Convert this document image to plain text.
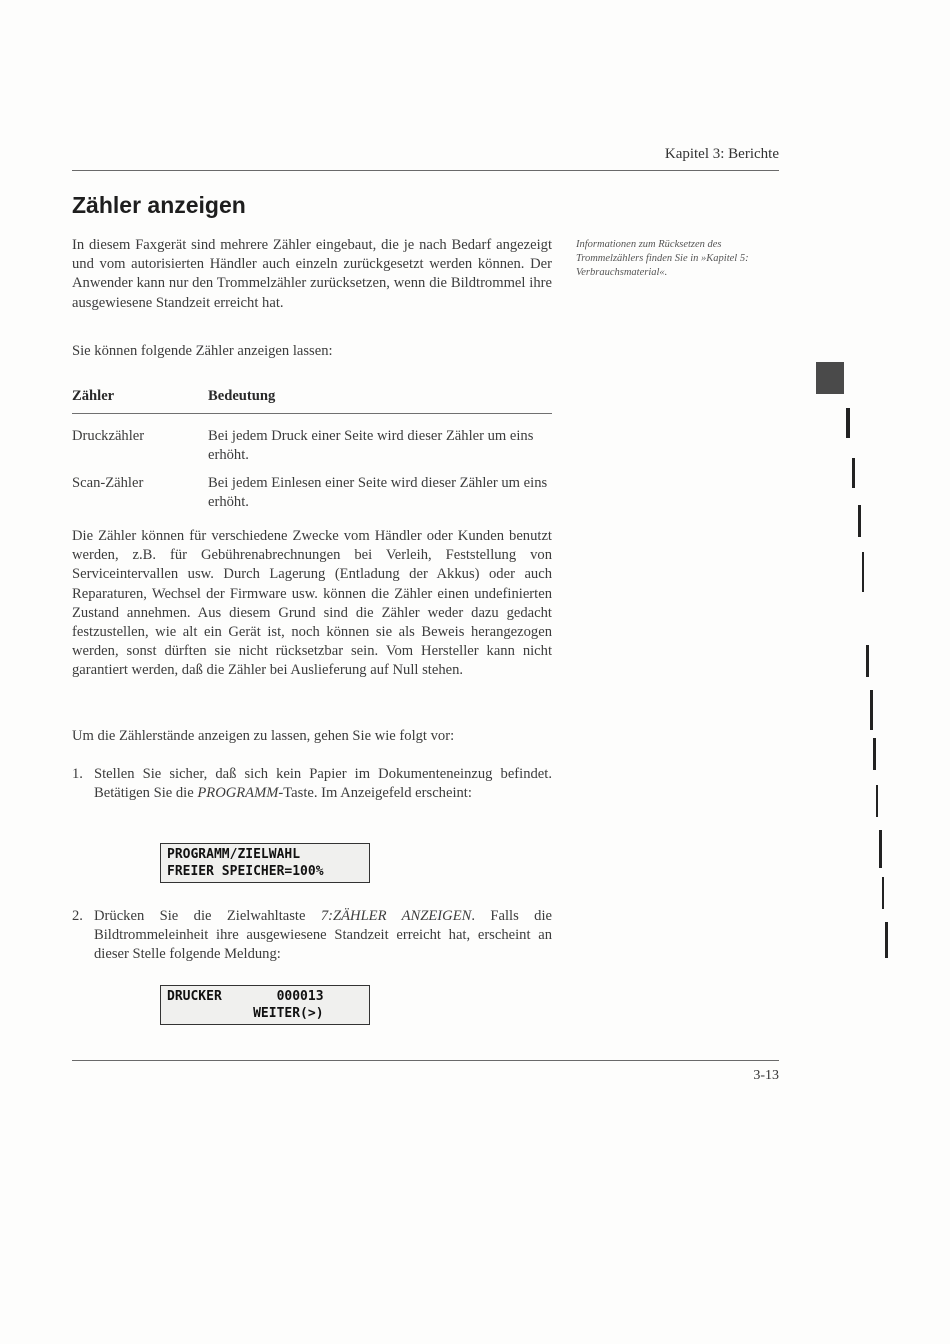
Kapitel 3: Berichte
Zähler anzeigen

In diesem Faxgerät sind mehrere Zähler eingebaut, die je nach Bedarf angezeigt und vom autorisierten Händler auch einzeln zurückgesetzt werden können. Der Anwender kann nur den Trommelzähler zurücksetzen, wenn die Bildtrommel ihre ausgewiesene Standzeit erreicht hat.

Informationen zum Rücksetzen des Trommelzählers finden Sie in »Kapitel 5: Verbrauchsmaterial«.

Sie können folgende Zähler anzeigen lassen:

Zähler	Bedeutung
Druckzähler	Bei jedem Druck einer Seite wird dieser Zähler um eins erhöht.
Scan-Zähler	Bei jedem Einlesen einer Seite wird dieser Zähler um eins erhöht.

Die Zähler können für verschiedene Zwecke vom Händler oder Kunden benutzt werden, z.B. für Gebührenabrechnungen bei Verleih, Feststellung von Serviceintervallen usw. Durch Lagerung (Entladung der Akkus) oder auch Reparaturen, Wechsel der Firmware usw. können die Zähler einen undefinierten Zustand annehmen. Aus diesem Grund sind die Zähler weder dazu gedacht festzustellen, wie alt ein Gerät ist, noch können sie als Beweis herangezogen werden, sonst dürften sie nicht rücksetzbar sein. Vom Hersteller kann nicht garantiert werden, daß die Zähler bei Auslieferung auf Null stehen.

Um die Zählerstände anzeigen zu lassen, gehen Sie wie folgt vor:

1. Stellen Sie sicher, daß sich kein Papier im Dokumenteneinzug befindet. Betätigen Sie die PROGRAMM-Taste. Im Anzeigefeld erscheint:
PROGRAMM/ZIELWAHL
FREIER SPEICHER=100%
2. Drücken Sie die Zielwahltaste 7:ZÄHLER ANZEIGEN. Falls die Bildtrommeleinheit ihre ausgewiesene Standzeit erreicht hat, erscheint an dieser Stelle folgende Meldung:
DRUCKER       000013
WEITER(>)
3-13
